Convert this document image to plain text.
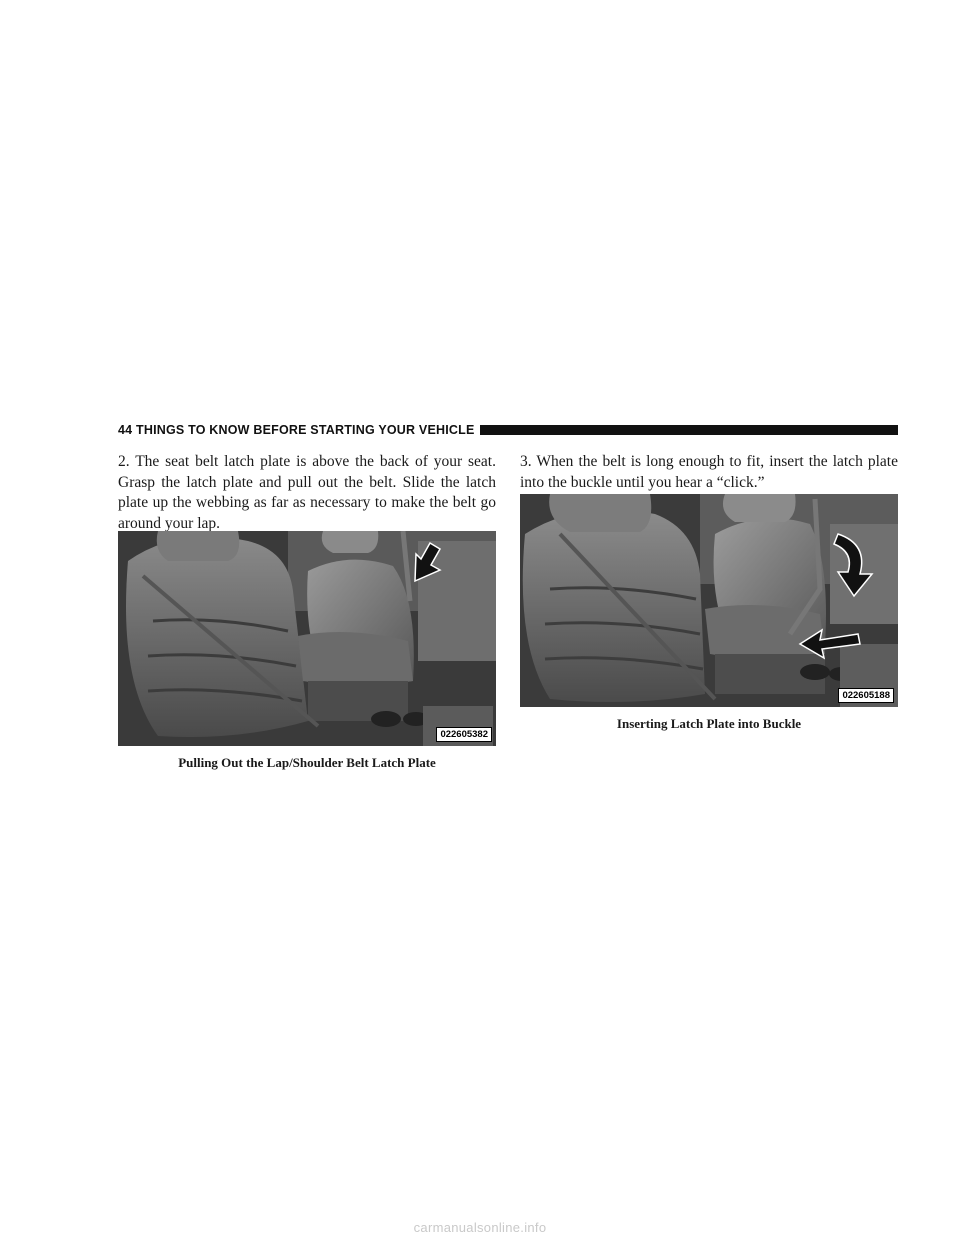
44 THINGS TO KNOW BEFORE STARTING YOUR VEHICLE

2. The seat belt latch plate is above the back of your seat. Grasp the latch plate and pull out the belt. Slide the latch plate up the webbing as far as necessary to make the belt go around your lap.

3. When the belt is long enough to fit, insert the latch plate into the buckle until you hear a “click.”

022605382
Pulling Out the Lap/Shoulder Belt Latch Plate
022605188
Inserting Latch Plate into Buckle
carmanualsonline.info
